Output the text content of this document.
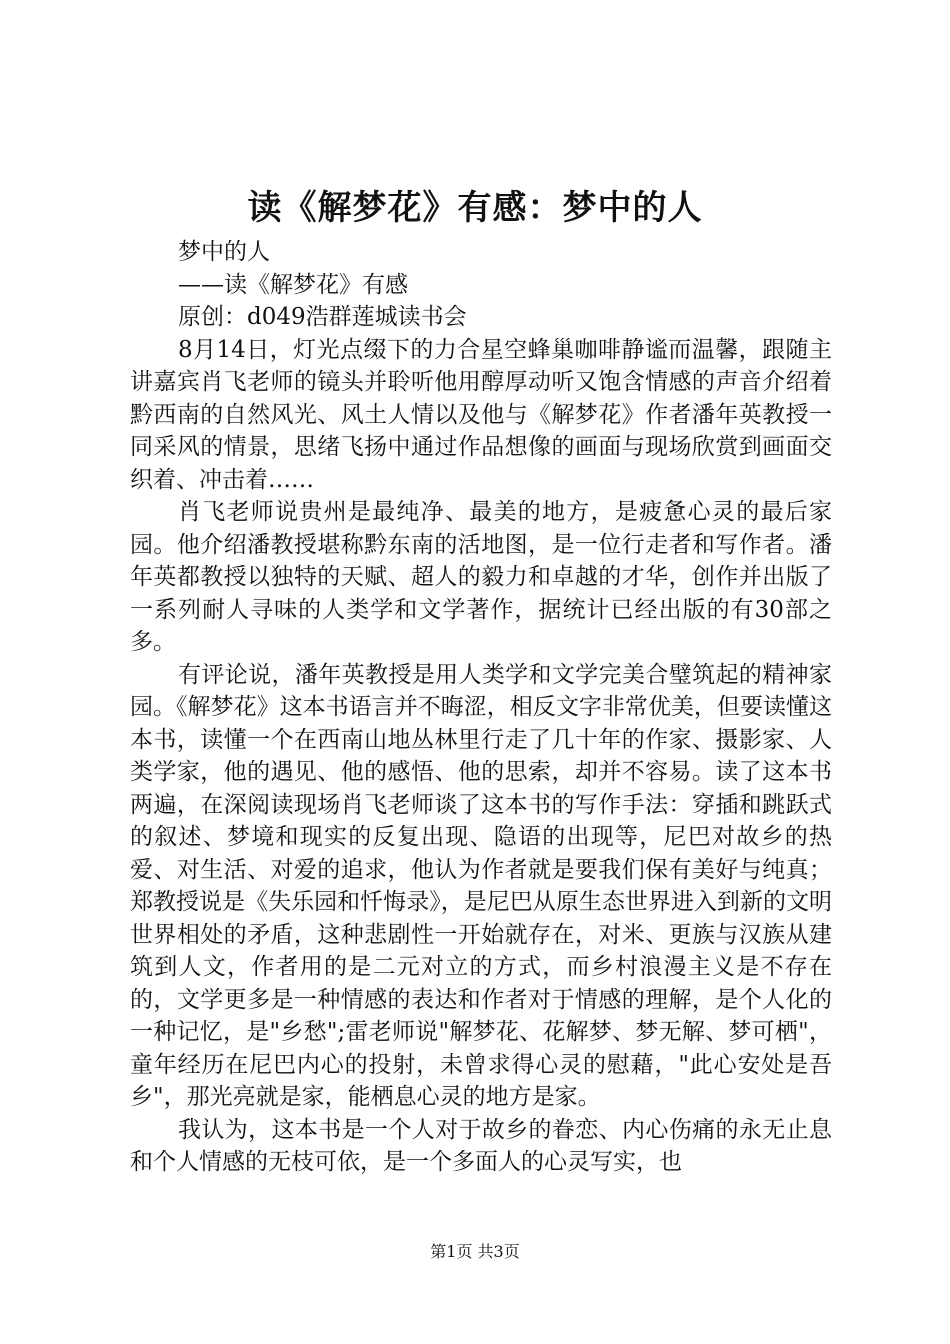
读《解梦花》有感：梦中的人

梦中的人

——读《解梦花》有感

原创：d049浩群莲城读书会

8月14日，灯光点缀下的力合星空蜂巢咖啡静谧而温馨，跟随主讲嘉宾肖飞老师的镜头并聆听他用醇厚动听又饱含情感的声音介绍着黔西南的自然风光、风土人情以及他与《解梦花》作者潘年英教授一同采风的情景，思绪飞扬中通过作品想像的画面与现场欣赏到画面交织着、冲击着……

肖飞老师说贵州是最纯净、最美的地方，是疲惫心灵的最后家园。他介绍潘教授堪称黔东南的活地图，是一位行走者和写作者。潘年英都教授以独特的天赋、超人的毅力和卓越的才华，创作并出版了一系列耐人寻味的人类学和文学著作，据统计已经出版的有30部之多。

有评论说，潘年英教授是用人类学和文学完美合璧筑起的精神家园。《解梦花》这本书语言并不晦涩，相反文字非常优美，但要读懂这本书，读懂一个在西南山地丛林里行走了几十年的作家、摄影家、人类学家，他的遇见、他的感悟、他的思索，却并不容易。读了这本书两遍，在深阅读现场肖飞老师谈了这本书的写作手法：穿插和跳跃式的叙述、梦境和现实的反复出现、隐语的出现等，尼巴对故乡的热爱、对生活、对爱的追求，他认为作者就是要我们保有美好与纯真；郑教授说是《失乐园和忏悔录》，是尼巴从原生态世界进入到新的文明世界相处的矛盾，这种悲剧性一开始就存在，对米、更族与汉族从建筑到人文，作者用的是二元对立的方式，而乡村浪漫主义是不存在的，文学更多是一种情感的表达和作者对于情感的理解，是个人化的一种记忆，是"乡愁";雷老师说"解梦花、花解梦、梦无解、梦可栖"，童年经历在尼巴内心的投射，未曾求得心灵的慰藉，"此心安处是吾乡"，那光亮就是家，能栖息心灵的地方是家。

我认为，这本书是一个人对于故乡的眷恋、内心伤痛的永无止息和个人情感的无枝可依，是一个多面人的心灵写实，也

第1页 共3页
